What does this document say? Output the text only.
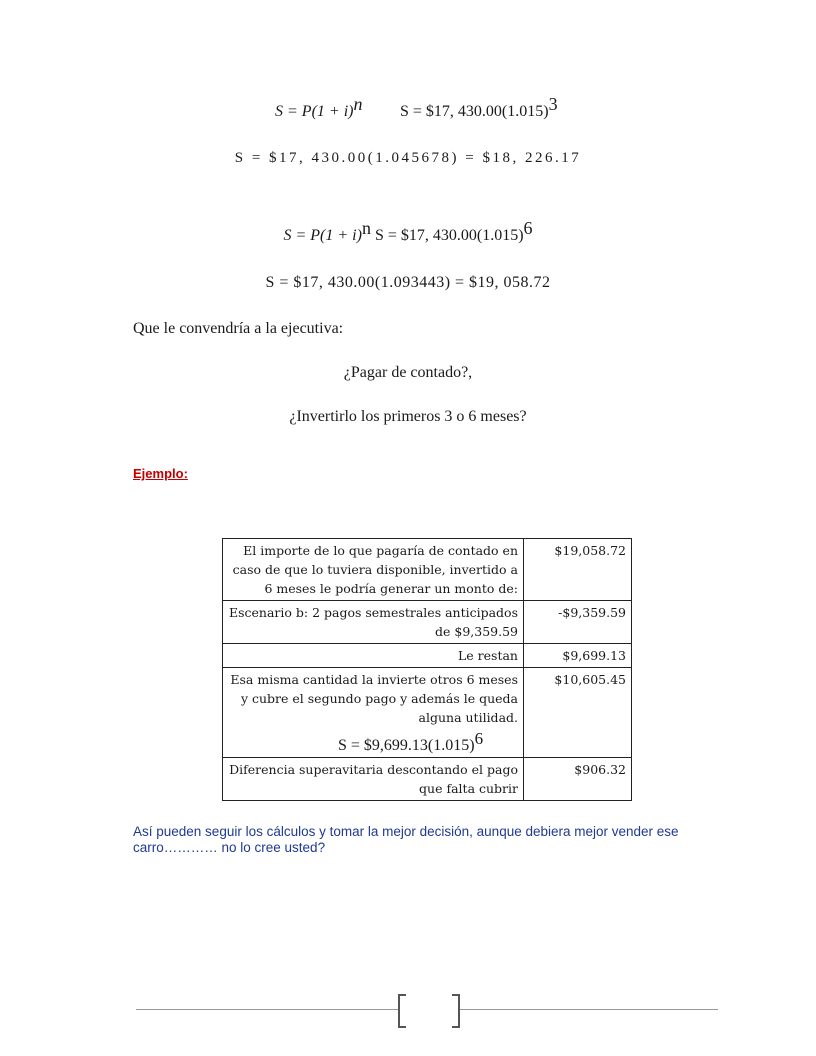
$S = P(1 + i)^n$ S = $17, $430.00(1.015)^3$
S = $17, 430.00(1.045678) = $18, 226.17
$S = P(1 + i)^n$ S = $17, $430.00(1.015)^6$
S = $17, 430.00(1.093443) = $19, 058.72
Que le convendría a la ejecutiva:
¿Pagar de contado?,
¿Invertirlo los primeros 3 o 6 meses?
Ejemplo:
El importe de lo que pagaría de contado en caso de que lo tuviera disponible, invertido a 6 meses le podría generar un monto de:	$19,058.72
Escenario b: 2 pagos semestrales anticipados de $9,359.59	-$9,359.59
Le restan	$9,699.13
Esa misma cantidad la invierte otros 6 meses y cubre el segundo pago y además le queda alguna utilidad.
$S = \$9,699.13(1.015)^6$	$10,605.45
Diferencia superavitaria descontando el pago que falta cubrir	$906.32
Así pueden seguir los cálculos y tomar la mejor decisión, aunque debiera mejor vender ese carro………… no lo cree usted?
